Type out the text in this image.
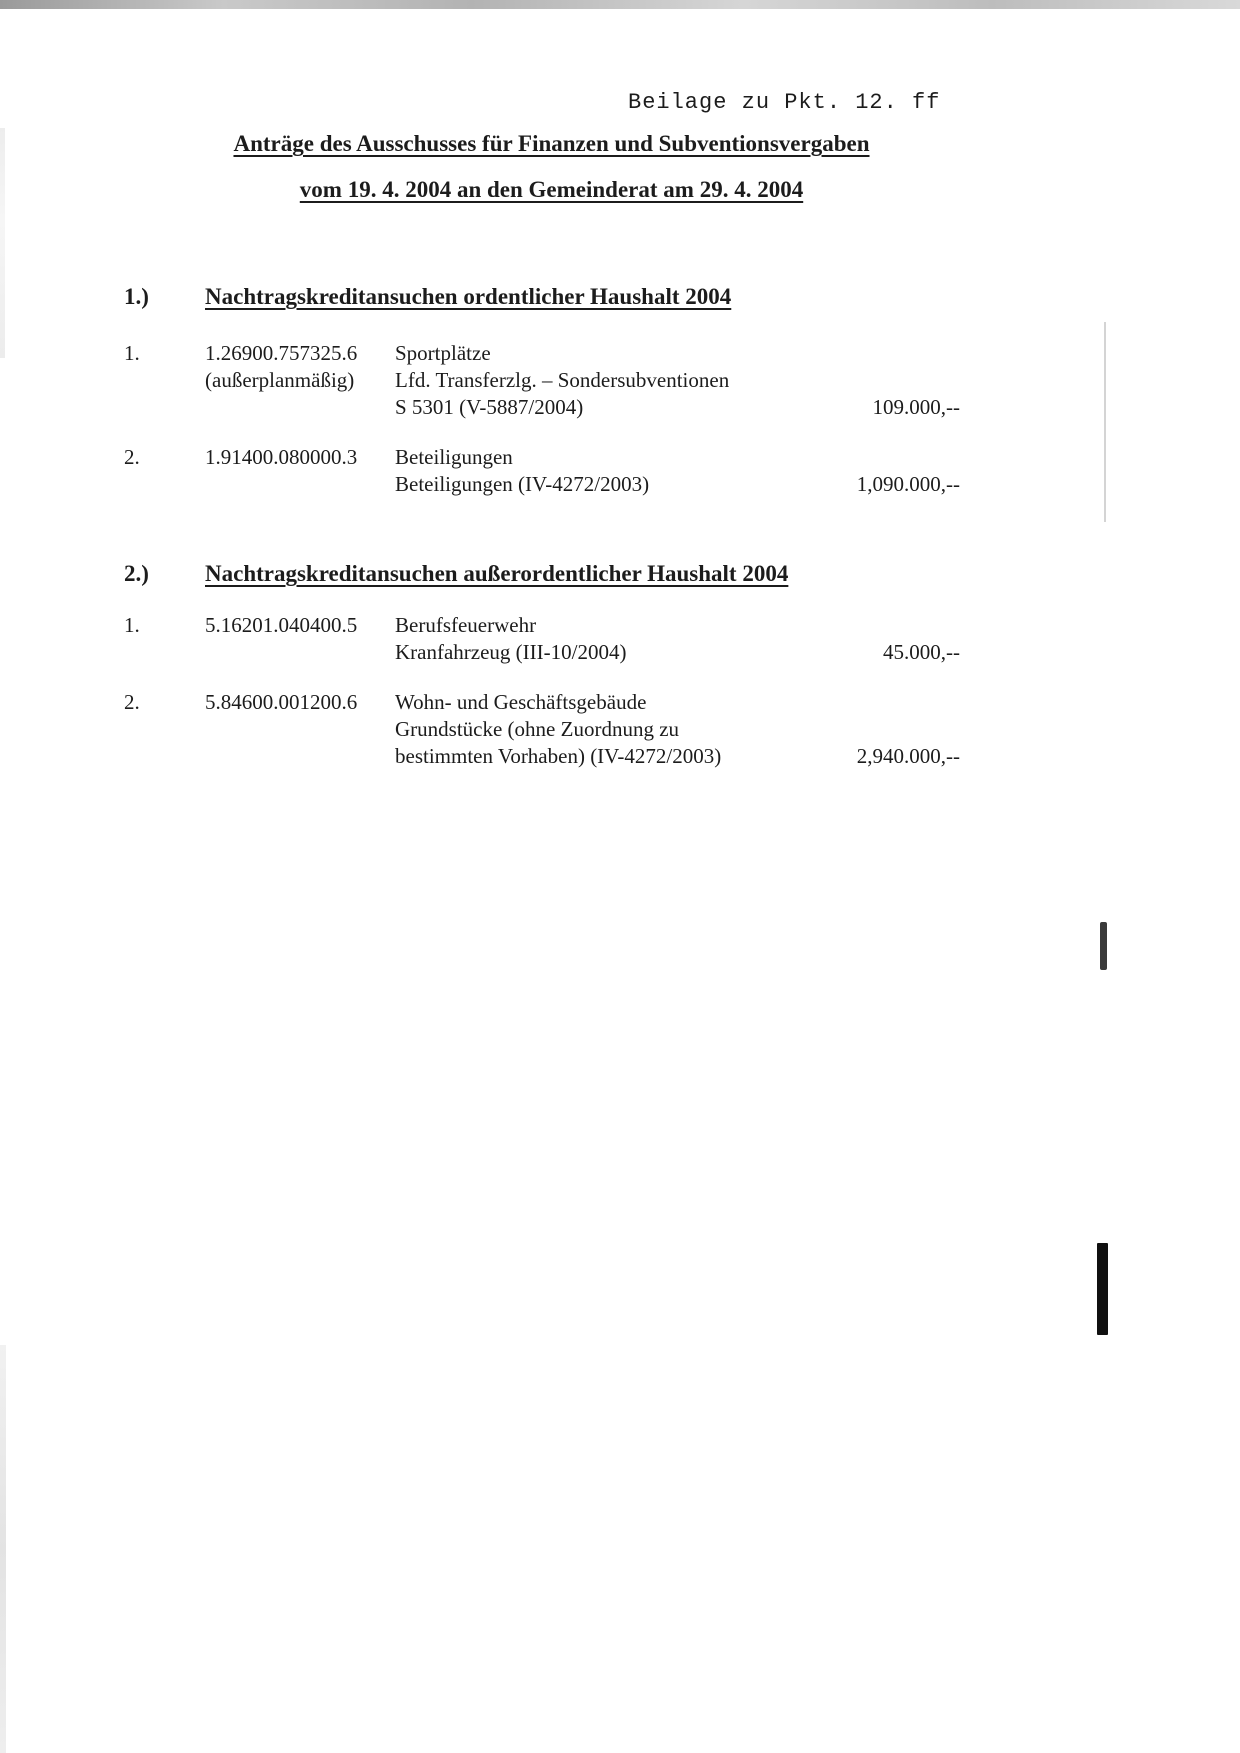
Beilage zu Pkt. 12. ff
Anträge des Ausschusses für Finanzen und Subventionsvergaben
vom 19. 4. 2004 an den Gemeinderat am 29. 4. 2004
1.)	Nachtragskreditansuchen ordentlicher Haushalt 2004
1.	1.26900.757325.6
(außerplanmäßig)
Sportplätze
Lfd. Transferzlg. – Sondersubventionen
S 5301 (V-5887/2004)	109.000,--
2.	1.91400.080000.3	Beteiligungen
Beteiligungen (IV-4272/2003)	1,090.000,--
2.)	Nachtragskreditansuchen außerordentlicher Haushalt 2004
1.	5.16201.040400.5	Berufsfeuerwehr
Kranfahrzeug (III-10/2004)	45.000,--
2.	5.84600.001200.6	Wohn- und Geschäftsgebäude
Grundstücke (ohne Zuordnung zu
bestimmten Vorhaben) (IV-4272/2003)	2,940.000,--
